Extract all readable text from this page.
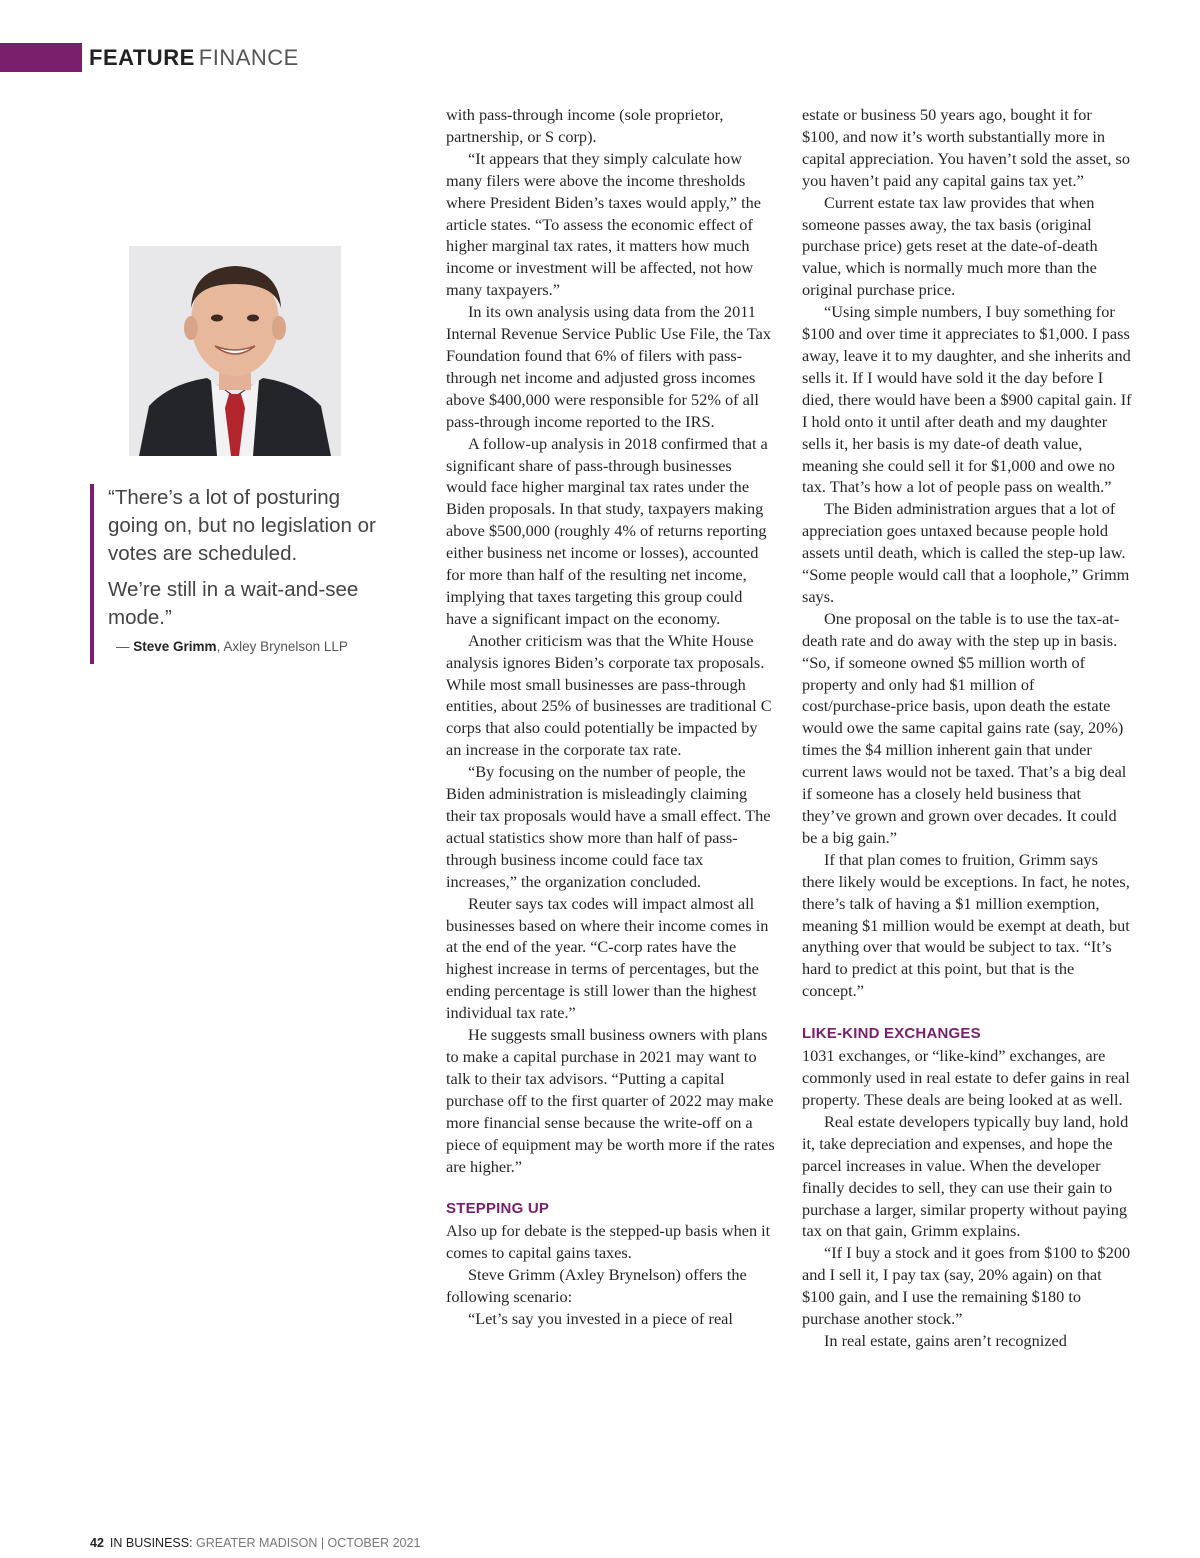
FEATURE FINANCE

“There’s a lot of posturing going on, but no legislation or votes are scheduled.

We’re still in a wait-and-see mode.”

— Steve Grimm, Axley Brynelson LLP

with pass-through income (sole proprietor, partnership, or S corp).

“It appears that they simply calculate how many filers were above the income thresholds where President Biden’s taxes would apply,” the article states. “To assess the economic effect of higher marginal tax rates, it matters how much income or investment will be affected, not how many taxpayers.”

In its own analysis using data from the 2011 Internal Revenue Service Public Use File, the Tax Foundation found that 6% of filers with pass-through net income and adjusted gross incomes above $400,000 were responsible for 52% of all pass-through income reported to the IRS.

A follow-up analysis in 2018 confirmed that a significant share of pass-through businesses would face higher marginal tax rates under the Biden proposals. In that study, taxpayers making above $500,000 (roughly 4% of returns reporting either business net income or losses), accounted for more than half of the resulting net income, implying that taxes targeting this group could have a significant impact on the economy.

Another criticism was that the White House analysis ignores Biden’s corporate tax proposals. While most small businesses are pass-through entities, about 25% of businesses are traditional C corps that also could potentially be impacted by an increase in the corporate tax rate.

“By focusing on the number of people, the Biden administration is misleadingly claiming their tax proposals would have a small effect. The actual statistics show more than half of pass-through business income could face tax increases,” the organization concluded.

Reuter says tax codes will impact almost all businesses based on where their income comes in at the end of the year. “C-corp rates have the highest increase in terms of percentages, but the ending percentage is still lower than the highest individual tax rate.”

He suggests small business owners with plans to make a capital purchase in 2021 may want to talk to their tax advisors. “Putting a capital purchase off to the first quarter of 2022 may make more financial sense because the write-off on a piece of equipment may be worth more if the rates are higher.”

STEPPING UP

Also up for debate is the stepped-up basis when it comes to capital gains taxes.

Steve Grimm (Axley Brynelson) offers the following scenario:

“Let’s say you invested in a piece of real

estate or business 50 years ago, bought it for $100, and now it’s worth substantially more in capital appreciation. You haven’t sold the asset, so you haven’t paid any capital gains tax yet.”

Current estate tax law provides that when someone passes away, the tax basis (original purchase price) gets reset at the date-of-death value, which is normally much more than the original purchase price.

“Using simple numbers, I buy something for $100 and over time it appreciates to $1,000. I pass away, leave it to my daughter, and she inherits and sells it. If I would have sold it the day before I died, there would have been a $900 capital gain. If I hold onto it until after death and my daughter sells it, her basis is my date-of death value, meaning she could sell it for $1,000 and owe no tax. That’s how a lot of people pass on wealth.”

The Biden administration argues that a lot of appreciation goes untaxed because people hold assets until death, which is called the step-up law. “Some people would call that a loophole,” Grimm says.

One proposal on the table is to use the tax-at-death rate and do away with the step up in basis. “So, if someone owned $5 million worth of property and only had $1 million of cost/purchase-price basis, upon death the estate would owe the same capital gains rate (say, 20%) times the $4 million inherent gain that under current laws would not be taxed. That’s a big deal if someone has a closely held business that they’ve grown and grown over decades. It could be a big gain.”

If that plan comes to fruition, Grimm says there likely would be exceptions. In fact, he notes, there’s talk of having a $1 million exemption, meaning $1 million would be exempt at death, but anything over that would be subject to tax. “It’s hard to predict at this point, but that is the concept.”

LIKE-KIND EXCHANGES

1031 exchanges, or “like-kind” exchanges, are commonly used in real estate to defer gains in real property. These deals are being looked at as well.

Real estate developers typically buy land, hold it, take depreciation and expenses, and hope the parcel increases in value. When the developer finally decides to sell, they can use their gain to purchase a larger, similar property without paying tax on that gain, Grimm explains.

“If I buy a stock and it goes from $100 to $200 and I sell it, I pay tax (say, 20% again) on that $100 gain, and I use the remaining $180 to purchase another stock.”

In real estate, gains aren’t recognized

42 IN BUSINESS: GREATER MADISON | OCTOBER 2021
